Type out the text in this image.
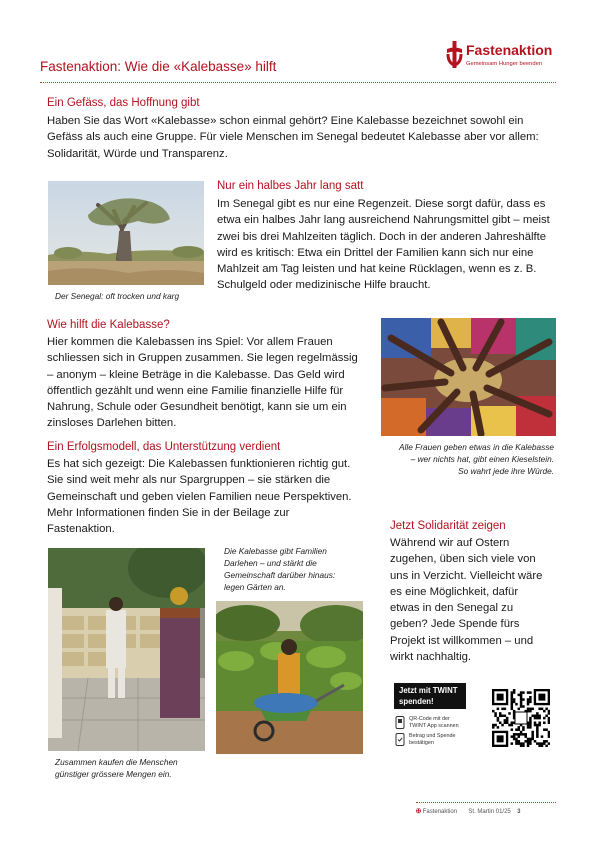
Fastenaktion: Wie die «Kalebasse» hilft
Fastenaktion
Gemeinsam Hunger beenden
Ein Gefäss, das Hoffnung gibt
Haben Sie das Wort «Kalebasse» schon einmal gehört? Eine Kalebasse bezeichnet sowohl ein
Gefäss als auch eine Gruppe. Für viele Menschen im Senegal bedeutet Kalebasse aber vor allem:
Solidarität, Würde und Transparenz.
Der Senegal: oft trocken und karg
Nur ein halbes Jahr lang satt
Im Senegal gibt es nur eine Regenzeit. Diese sorgt dafür, dass es
etwa ein halbes Jahr lang ausreichend Nahrungsmittel gibt – meist
zwei bis drei Mahlzeiten täglich. Doch in der anderen Jahreshälfte
wird es kritisch: Etwa ein Drittel der Familien kann sich nur eine
Mahlzeit am Tag leisten und hat keine Rücklagen, wenn es z. B.
Schulgeld oder medizinische Hilfe braucht.
Wie hilft die Kalebasse?
Hier kommen die Kalebassen ins Spiel: Vor allem Frauen
schliessen sich in Gruppen zusammen. Sie legen regelmässig
– anonym – kleine Beträge in die Kalebasse. Das Geld wird
öffentlich gezählt und wenn eine Familie finanzielle Hilfe für
Nahrung, Schule oder Gesundheit benötigt, kann sie um ein
zinsloses Darlehen bitten.
Alle Frauen geben etwas in die Kalebasse
– wer nichts hat, gibt einen Kieselstein.
So wahrt jede ihre Würde.
Ein Erfolgsmodell, das Unterstützung verdient
Es hat sich gezeigt: Die Kalebassen funktionieren richtig gut.
Sie sind weit mehr als nur Spargruppen – sie stärken die
Gemeinschaft und geben vielen Familien neue Perspektiven.
Mehr Informationen finden Sie in der Beilage zur
Fastenaktion.	Jetzt Solidarität zeigen
Während wir auf Ostern
zugehen, üben sich viele von
uns in Verzicht. Vielleicht wäre
es eine Möglichkeit, dafür
etwas in den Senegal zu
geben? Jede Spende fürs
Projekt ist willkommen – und
wirkt nachhaltig.
Zusammen kaufen die Menschen
günstiger grössere Mengen ein.
Die Kalebasse gibt Familien
Darlehen – und stärkt die
Gemeinschaft darüber hinaus:
legen Gärten an.
Jetzt mit TWINT
spenden!
QR-Code mit der
TWINT App scannen
Betrag und Spende
bestätigen
✠ Fastenaktion St. Martin 01/25 3
